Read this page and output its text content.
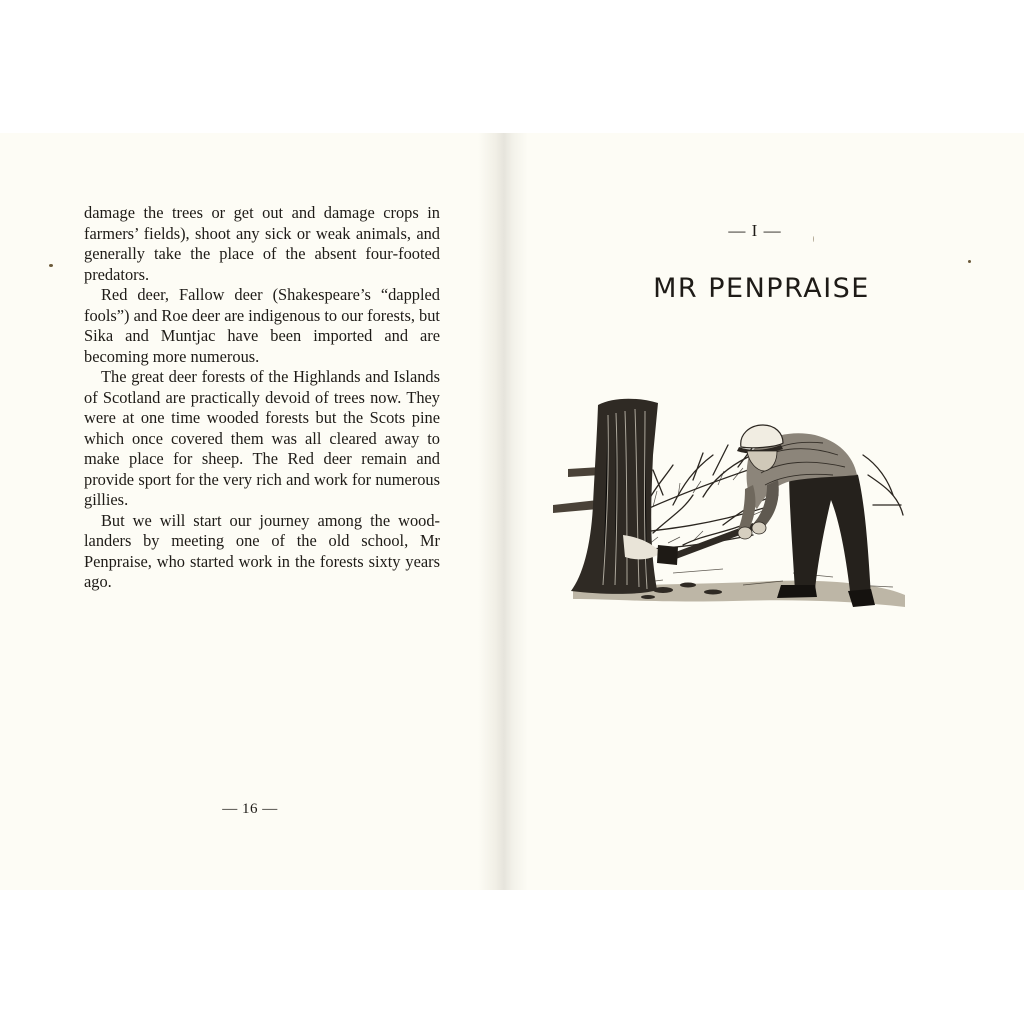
damage the trees or get out and damage crops in farmers’ fields), shoot any sick or weak animals, and generally take the place of the absent four‐footed predators.

Red deer, Fallow deer (Shakespeare’s “dappled fools”) and Roe deer are indigenous to our forests, but Sika and Muntjac have been imported and are becoming more numerous.

The great deer forests of the Highlands and Islands of Scotland are practically devoid of trees now. They were at one time wooded forests but the Scots pine which once covered them was all cleared away to make place for sheep. The Red deer remain and provide sport for the very rich and work for numerous gillies.

But we will start our journey among the wood‐landers by meeting one of the old school, Mr Penpraise, who started work in the forests sixty years ago.

— 16 —
— I —
MR PENPRAISE
